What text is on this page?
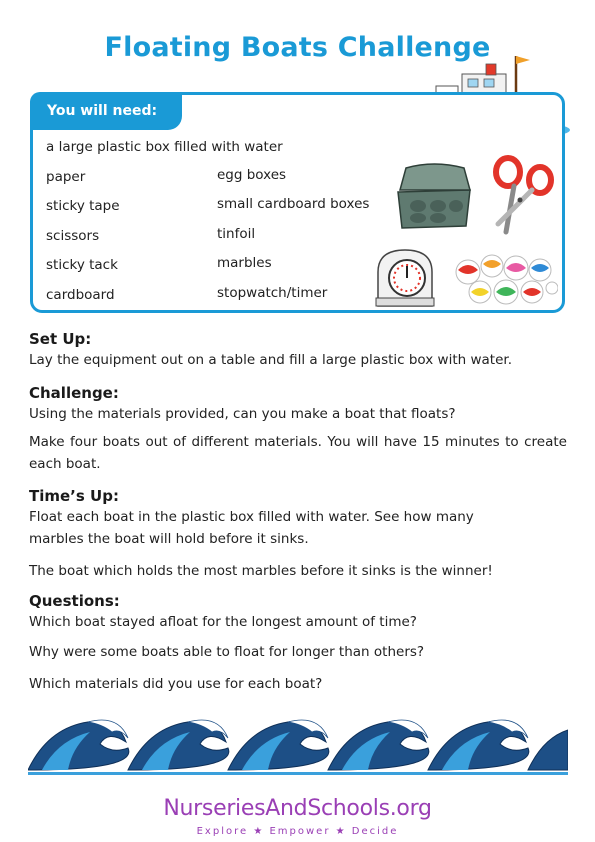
Floating Boats Challenge
You will need:
a large plastic box filled with water
paper
sticky tape
scissors
sticky tack
cardboard
egg boxes
small cardboard boxes
tinfoil
marbles
stopwatch/timer
Set Up:
Lay the equipment out on a table and fill a large plastic box with water.
Challenge:
Using the materials provided, can you make a boat that floats?
Make four boats out of different materials. You will have 15 minutes to create each boat.
Time’s Up:
Float each boat in the plastic box filled with water. See how many marbles the boat will hold before it sinks.
The boat which holds the most marbles before it sinks is the winner!
Questions:
Which boat stayed afloat for the longest amount of time?
Why were some boats able to float for longer than others?
Which materials did you use for each boat?
NurseriesAndSchools.org
Explore ★ Empower ★ Decide
